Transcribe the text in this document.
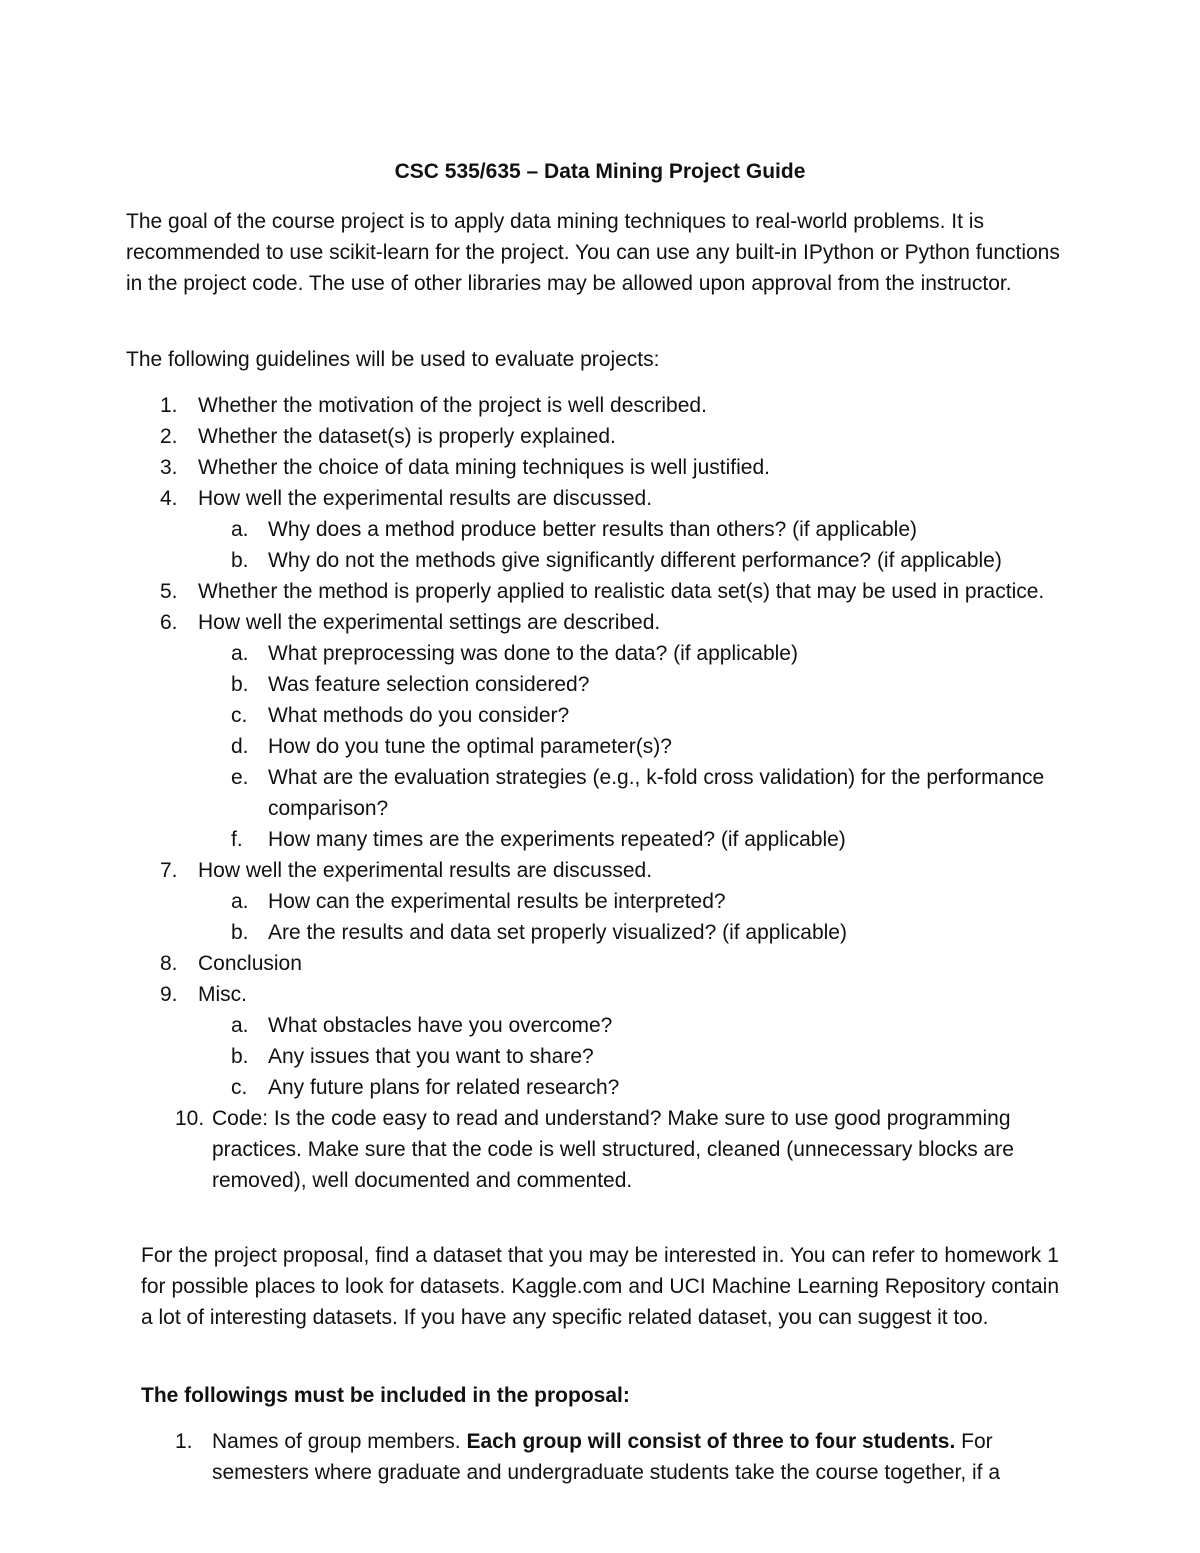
CSC 535/635 – Data Mining Project Guide
The goal of the course project is to apply data mining techniques to real-world problems. It is recommended to use scikit-learn for the project. You can use any built-in IPython or Python functions in the project code. The use of other libraries may be allowed upon approval from the instructor.
The following guidelines will be used to evaluate projects:
1. Whether the motivation of the project is well described.
2. Whether the dataset(s) is properly explained.
3. Whether the choice of data mining techniques is well justified.
4. How well the experimental results are discussed.
a. Why does a method produce better results than others? (if applicable)
b. Why do not the methods give significantly different performance? (if applicable)
5. Whether the method is properly applied to realistic data set(s) that may be used in practice.
6. How well the experimental settings are described.
a. What preprocessing was done to the data? (if applicable)
b. Was feature selection considered?
c. What methods do you consider?
d. How do you tune the optimal parameter(s)?
e. What are the evaluation strategies (e.g., k-fold cross validation) for the performance comparison?
f. How many times are the experiments repeated? (if applicable)
7. How well the experimental results are discussed.
a. How can the experimental results be interpreted?
b. Are the results and data set properly visualized? (if applicable)
8. Conclusion
9. Misc.
a. What obstacles have you overcome?
b. Any issues that you want to share?
c. Any future plans for related research?
10. Code: Is the code easy to read and understand? Make sure to use good programming practices. Make sure that the code is well structured, cleaned (unnecessary blocks are removed), well documented and commented.
For the project proposal, find a dataset that you may be interested in. You can refer to homework 1 for possible places to look for datasets. Kaggle.com and UCI Machine Learning Repository contain a lot of interesting datasets. If you have any specific related dataset, you can suggest it too.
The followings must be included in the proposal:
1. Names of group members. Each group will consist of three to four students. For semesters where graduate and undergraduate students take the course together, if a
